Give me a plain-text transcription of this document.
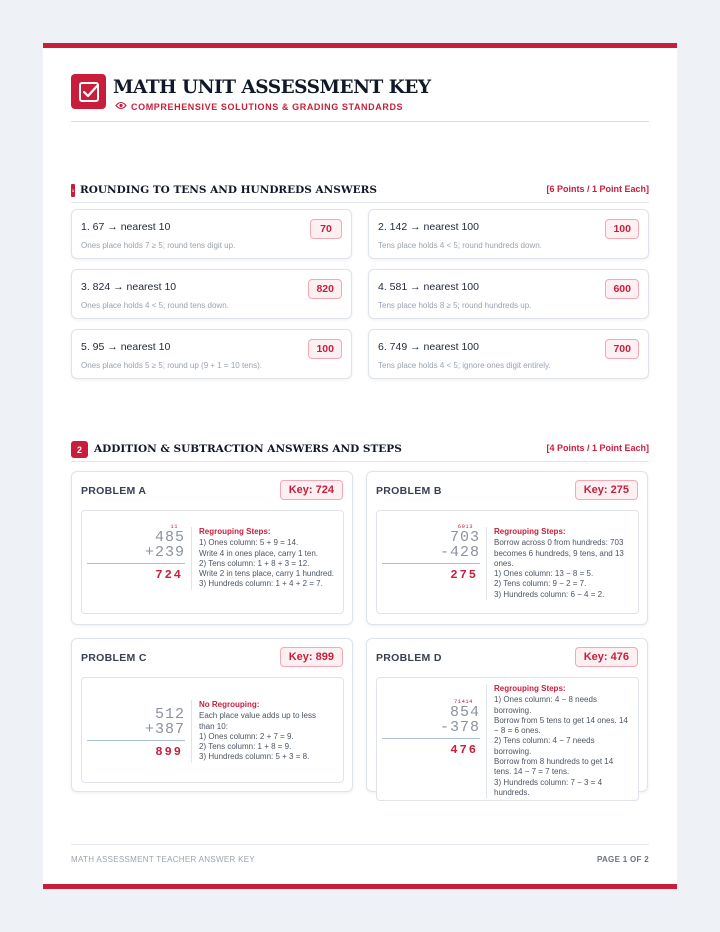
MATH UNIT ASSESSMENT KEY
COMPREHENSIVE SOLUTIONS & GRADING STANDARDS
1 ROUNDING TO TENS AND HUNDREDS ANSWERS	[6 Points / 1 Point Each]
1. 67 → nearest 10
Ones place holds 7 ≥ 5; round tens digit up.
70	2. 142 → nearest 100
Tens place holds 4 < 5; round hundreds down.
100
3. 824 → nearest 10
Ones place holds 4 < 5; round tens down.
820	4. 581 → nearest 100
Tens place holds 8 ≥ 5; round hundreds up.
600
5. 95 → nearest 10
Ones place holds 5 ≥ 5; round up (9 + 1 = 10 tens).
100	6. 749 → nearest 100
Tens place holds 4 < 5; ignore ones digit entirely.
700
2	ADDITION & SUBTRACTION ANSWERS AND STEPS	[4 Points / 1 Point Each]
PROBLEM A	Key: 724
11
485
+239
724
Regrouping Steps:
1) Ones column: 5 + 9 = 14.
Write 4 in ones place, carry 1 ten.
2) Tens column: 1 + 8 + 3 = 12.
Write 2 in tens place, carry 1 hundred.
3) Hundreds column: 1 + 4 + 2 = 7.
PROBLEM B	Key: 275
6913
703
-428
275
Regrouping Steps:
Borrow across 0 from hundreds: 703 becomes 6 hundreds, 9 tens, and 13 ones.
1) Ones column: 13 − 8 = 5.
2) Tens column: 9 − 2 = 7.
3) Hundreds column: 6 − 4 = 2.
PROBLEM C	Key: 899
512
+387
899
No Regrouping:
Each place value adds up to less than 10:
1) Ones column: 2 + 7 = 9.
2) Tens column: 1 + 8 = 9.
3) Hundreds column: 5 + 3 = 8.
PROBLEM D	Key: 476
71414
854
-378
476
Regrouping Steps:
1) Ones column: 4 − 8 needs borrowing.
Borrow from 5 tens to get 14 ones. 14 − 8 = 6 ones.
2) Tens column: 4 − 7 needs borrowing.
Borrow from 8 hundreds to get 14 tens. 14 − 7 = 7 tens.
3) Hundreds column: 7 − 3 = 4 hundreds.
MATH ASSESSMENT TEACHER ANSWER KEY	PAGE 1 OF 2
